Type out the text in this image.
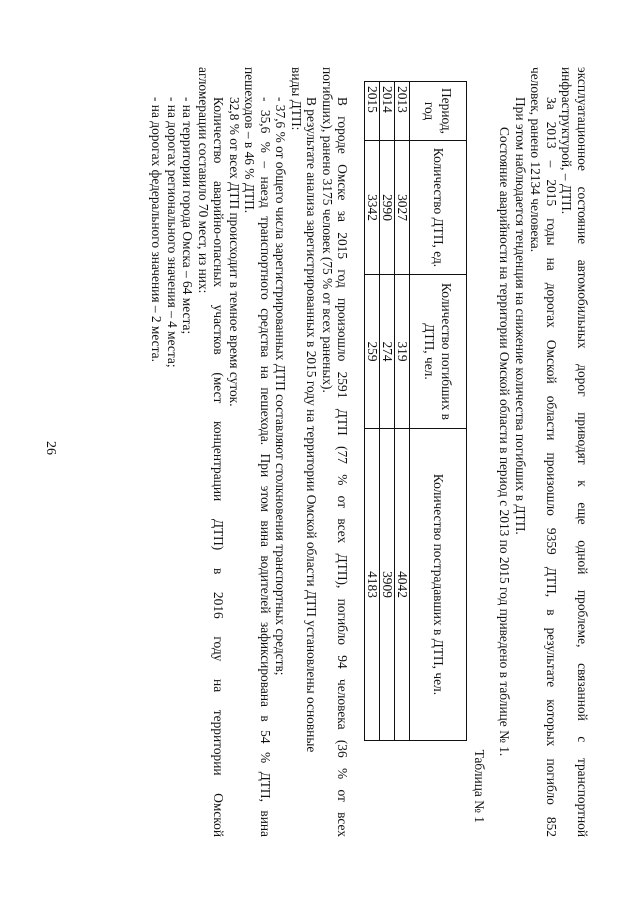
26	эксплуатационное состояние автомобильных дорог приводят к еще одной проблеме, связанной с транспортной

инфраструктурой, – ДТП.

За 2013 – 2015 годы на дорогах Омской области произошло 9359 ДТП, в результате которых погибло 852

человек, ранено 12134 человека.

При этом наблюдается тенденция на снижение количества погибших в ДТП.

Состояние аварийности на территории Омской области в период с 2013 по 2015 год приведено в таблице № 1.

Таблица № 1

Период, год	Количество ДТП, ед.	Количество погибших в ДТП, чел.	Количество пострадавших в ДТП, чел.
2013	3027	319	4042
2014	2990	274	3909
2015	3342	259	4183

В городе Омске за 2015 год произошло 2591 ДТП (77 % от всех ДТП), погибло 94 человека (36 % от всех

погибших), ранено 3175 человек (75 % от всех раненых).

В результате анализа зарегистрированных в 2015 году на территории Омской области ДТП установлены основные

виды ДТП:

- 37,6 % от общего числа зарегистрированных ДТП составляют столкновения транспортных средств;

- 35,6 % – наезд транспортного средства на пешехода. При этом вина водителей зафиксирована в 54 % ДТП, вина

пешеходов – в 46 % ДТП.

32,8 % от всех ДТП происходит в темное время суток.

Количество аварийно-опасных участков (мест концентрации ДТП) в 2016 году на территории Омской

агломерации составило 70 мест, из них:

- на территории города Омска – 64 места;

- на дорогах регионального значения – 4 места;

- на дорогах федерального значения – 2 места.
